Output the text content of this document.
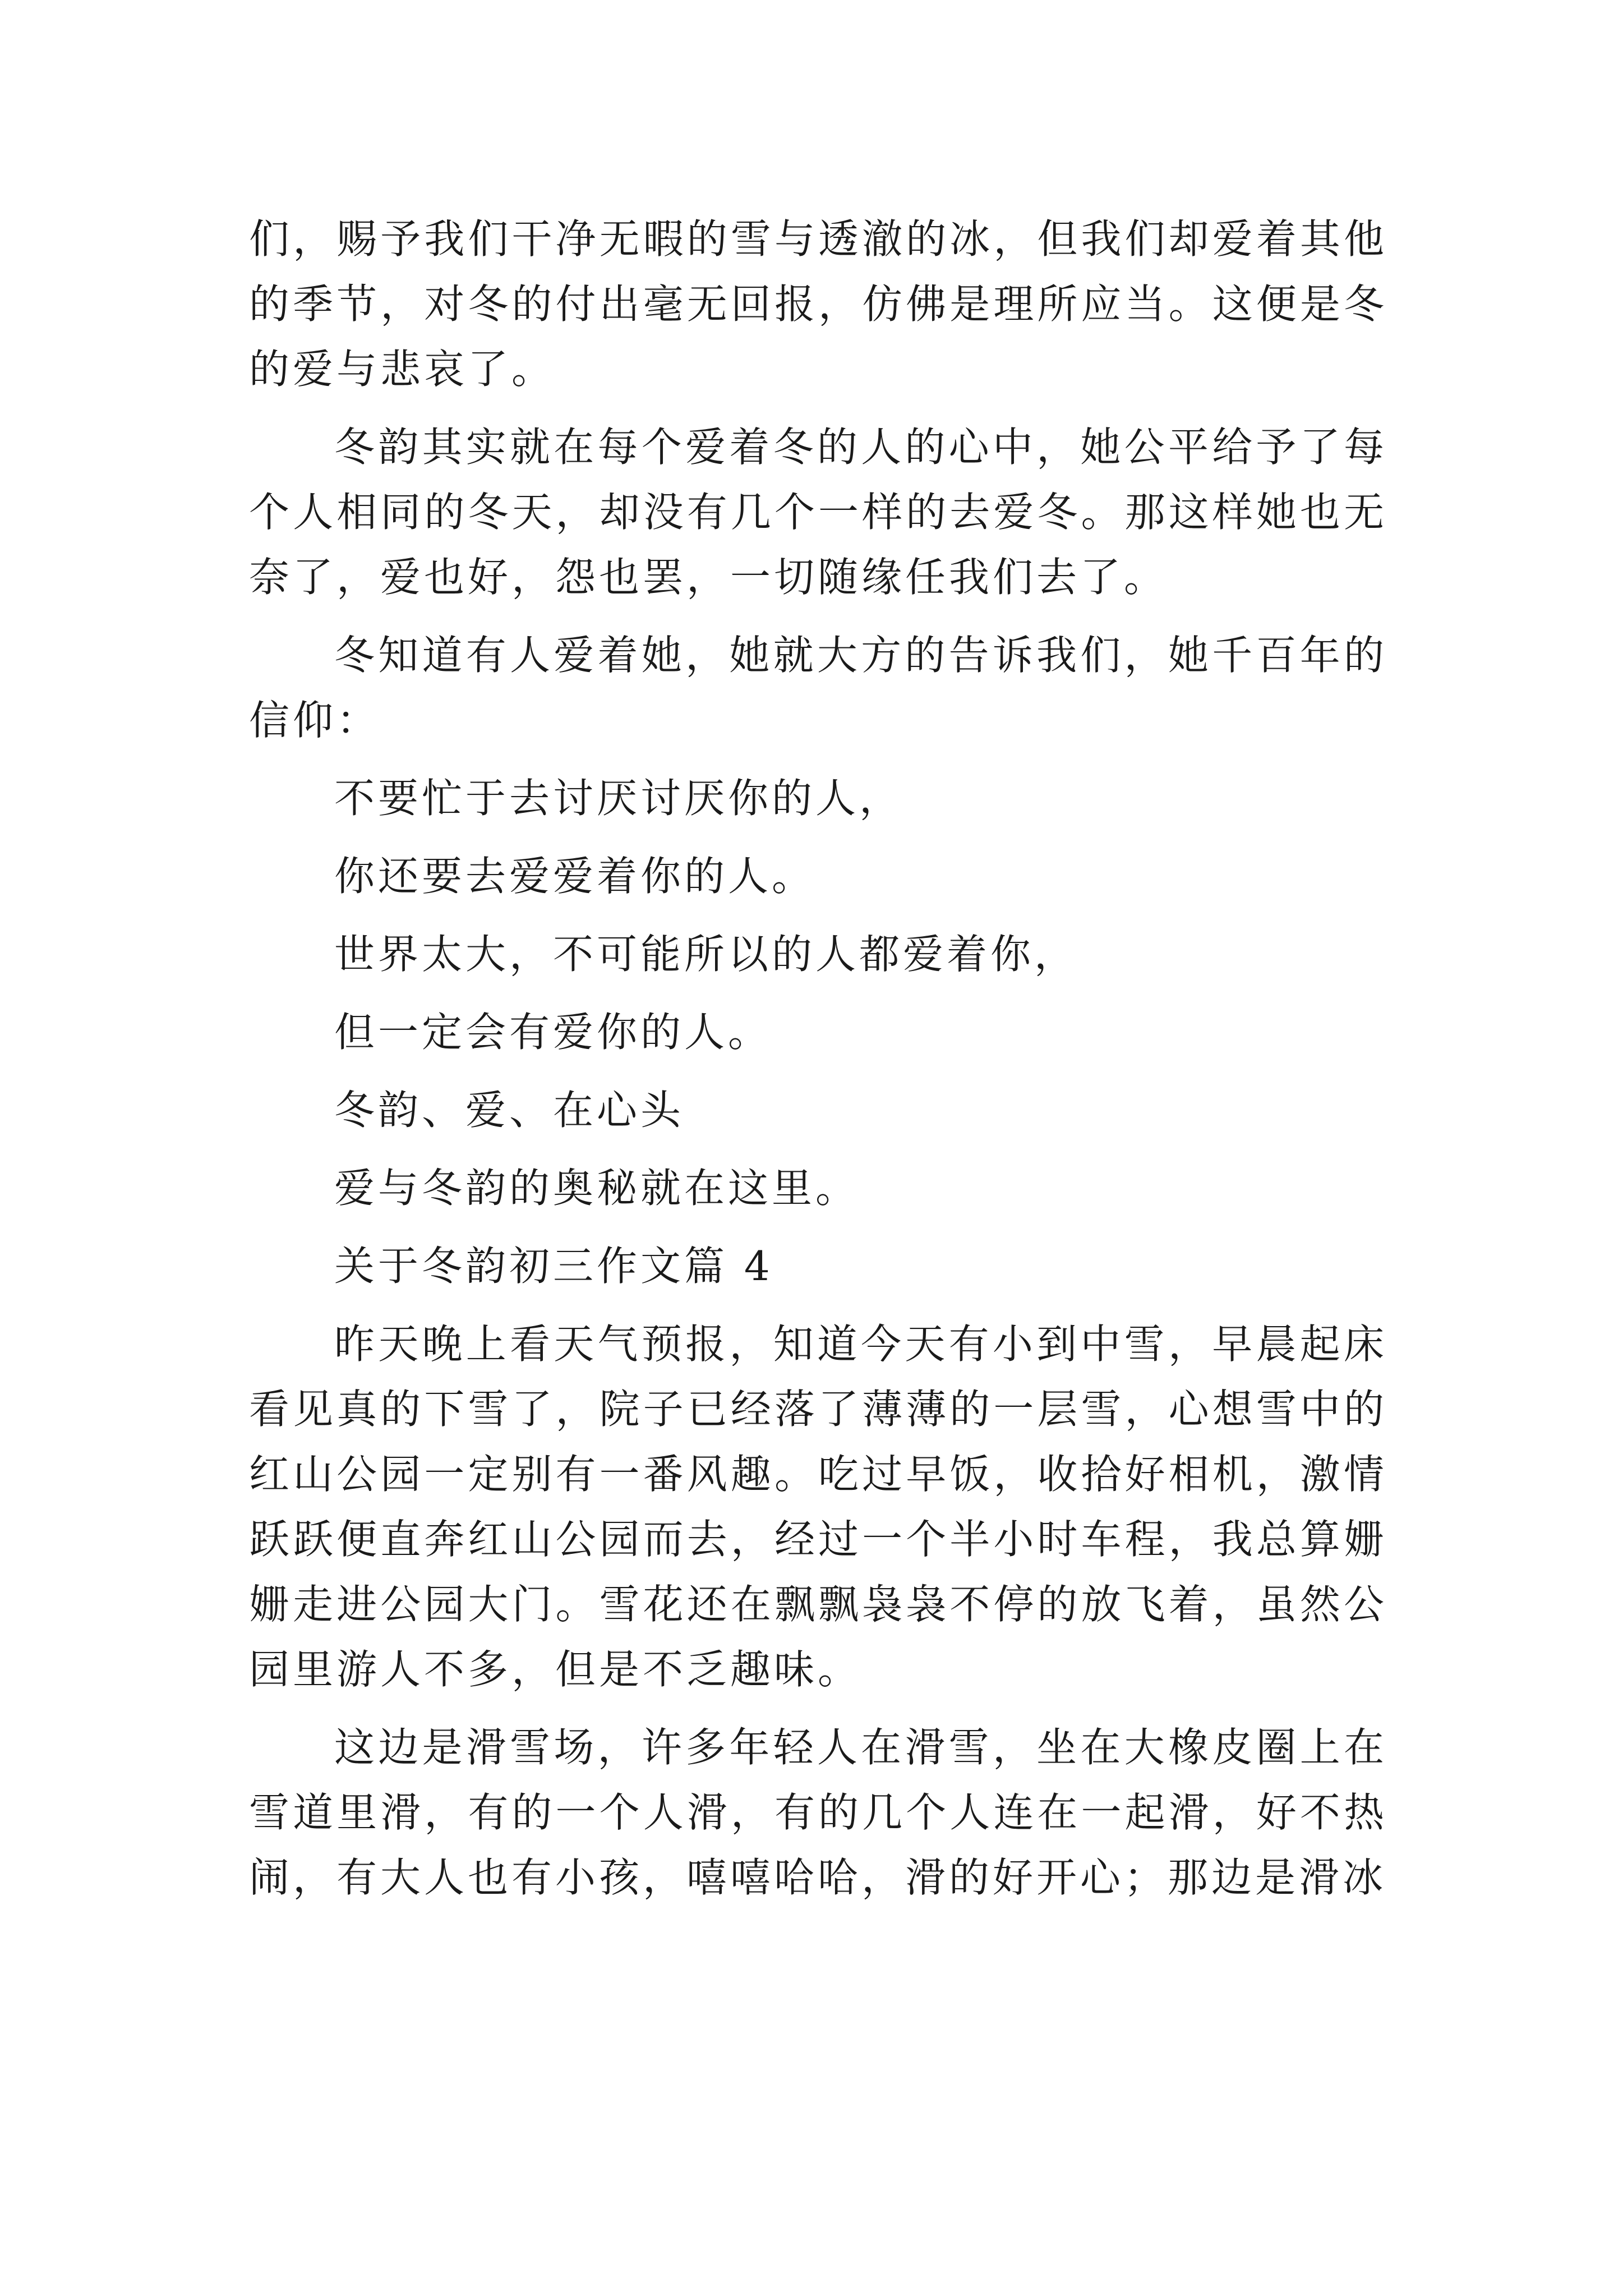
们，赐予我们干净无暇的雪与透澈的冰，但我们却爱着其他的季节，对冬的付出毫无回报，仿佛是理所应当。这便是冬的爱与悲哀了。

冬韵其实就在每个爱着冬的人的心中，她公平给予了每个人相同的冬天，却没有几个一样的去爱冬。那这样她也无奈了，爱也好，怨也罢，一切随缘任我们去了。

冬知道有人爱着她，她就大方的告诉我们，她千百年的信仰：

不要忙于去讨厌讨厌你的人，
你还要去爱爱着你的人。
世界太大，不可能所以的人都爱着你，
但一定会有爱你的人。
冬韵、爱、在心头
爱与冬韵的奥秘就在这里。
关于冬韵初三作文篇 4

昨天晚上看天气预报，知道今天有小到中雪，早晨起床看见真的下雪了，院子已经落了薄薄的一层雪，心想雪中的红山公园一定别有一番风趣。吃过早饭，收拾好相机，激情跃跃便直奔红山公园而去，经过一个半小时车程，我总算姗姗走进公园大门。雪花还在飘飘袅袅不停的放飞着，虽然公园里游人不多，但是不乏趣味。

这边是滑雪场，许多年轻人在滑雪，坐在大橡皮圈上在雪道里滑，有的一个人滑，有的几个人连在一起滑，好不热闹，有大人也有小孩，嘻嘻哈哈，滑的好开心；那边是滑冰
